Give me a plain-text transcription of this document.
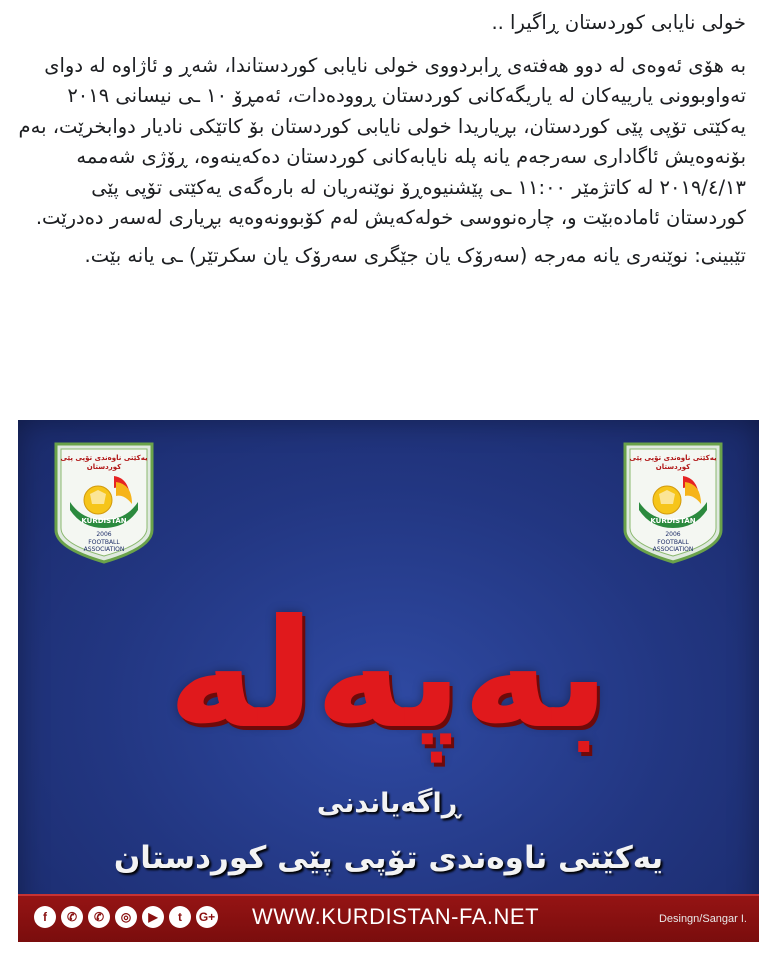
خولی نایابی کوردستان ڕاگیرا ..

بە هۆی ئەوەی لە دوو هەفتەی ڕابردووی خولی نایابی کوردستاندا، شەڕ و ئاژاوە لە دوای تەواوبوونی یارییەکان لە یاریگەکانی کوردستان ڕوودەدات، ئەمڕۆ ١٠ ـی نیسانی ٢٠١٩ یەکێتی تۆپی پێی کوردستان، بڕیاریدا خولی نایابی کوردستان بۆ کاتێکی نادیار دوابخرێت، بەم بۆنەوەیش ئاگاداری سەرجەم یانە پلە نایابەکانی کوردستان دەکەینەوە، ڕۆژی شەممە ٢٠١٩/٤/١٣ لە کاتژمێر ١١:٠٠ ـی پێشنیوەڕۆ نوێنەریان لە بارەگەی یەکێتی تۆپی پێی کوردستان ئامادەبێت و، چارەنووسی خولەکەیش لەم کۆبوونەوەیە بڕیاری لەسەر دەدرێت.

تێبینی: نوێنەری یانە مەرجە (سەرۆک یان جێگری سەرۆک یان سکرتێر) ـی یانە بێت.

یەکێتی ناوەندی تۆپی پێی
کوردستان
KURDISTAN
2006
FOOTBALL
ASSOCIATION
یەکێتی ناوەندی تۆپی پێی
کوردستان
KURDISTAN
2006
FOOTBALL
ASSOCIATION
بەپەلە
ڕاگەیاندنی
یەکێتی ناوەندی تۆپی پێی کوردستان
f	✆	✆	◎	▶	t	G+ WWW.KURDISTAN-FA.NET	Desingn/Sangar I.
